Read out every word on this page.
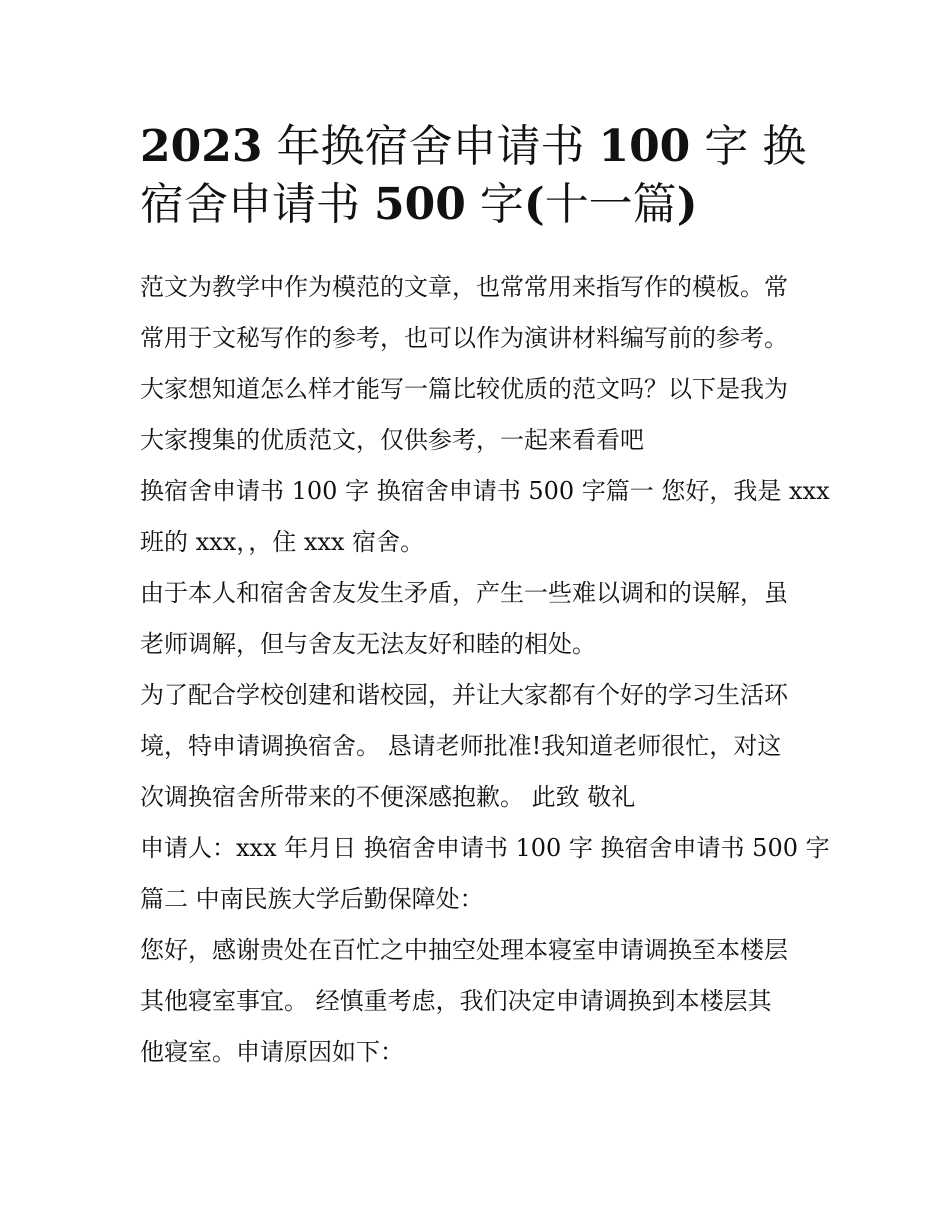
2023 年换宿舍申请书 100 字 换
宿舍申请书 500 字(十一篇)

范文为教学中作为模范的文章，也常常用来指写作的模板。常
常用于文秘写作的参考，也可以作为演讲材料编写前的参考。
大家想知道怎么样才能写一篇比较优质的范文吗？以下是我为
大家搜集的优质范文，仅供参考，一起来看看吧

换宿舍申请书 100 字 换宿舍申请书 500 字篇一 您好，我是 xxx
班的 xxx，，住 xxx 宿舍。

由于本人和宿舍舍友发生矛盾，产生一些难以调和的误解，虽
老师调解，但与舍友无法友好和睦的相处。

为了配合学校创建和谐校园，并让大家都有个好的学习生活环
境，特申请调换宿舍。 恳请老师批准!我知道老师很忙，对这
次调换宿舍所带来的不便深感抱歉。 此致 敬礼

申请人：xxx 年月日 换宿舍申请书 100 字 换宿舍申请书 500 字
篇二 中南民族大学后勤保障处：

您好，感谢贵处在百忙之中抽空处理本寝室申请调换至本楼层
其他寝室事宜。 经慎重考虑，我们决定申请调换到本楼层其
他寝室。申请原因如下：
